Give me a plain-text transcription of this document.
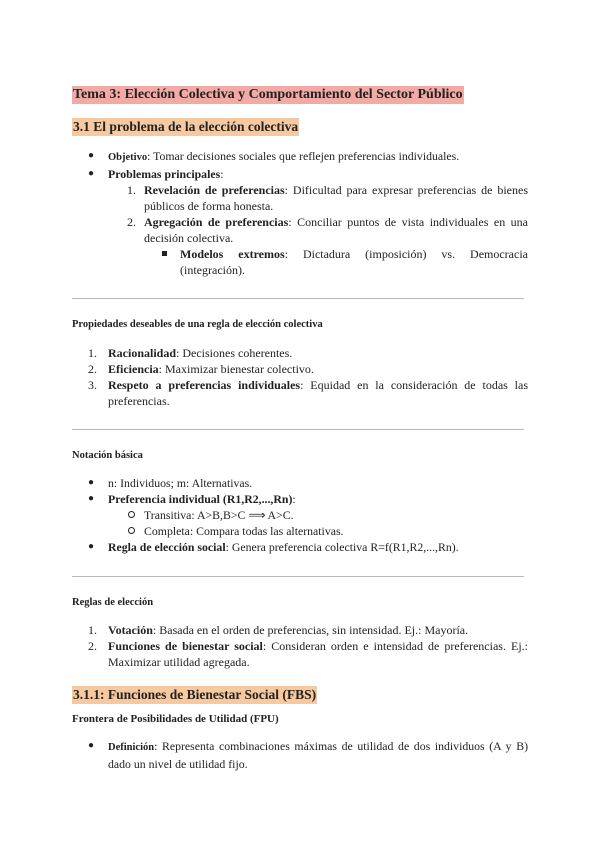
Tema 3: Elección Colectiva y Comportamiento del Sector Público
3.1 El problema de la elección colectiva
● Objetivo: Tomar decisiones sociales que reflejen preferencias individuales.
● Problemas principales:
1. Revelación de preferencias: Dificultad para expresar preferencias de bienes públicos de forma honesta.
2. Agregación de preferencias: Conciliar puntos de vista individuales en una decisión colectiva.
Modelos extremos: Dictadura (imposición) vs. Democracia (integración).
Propiedades deseables de una regla de elección colectiva
1. Racionalidad: Decisiones coherentes.
2. Eficiencia: Maximizar bienestar colectivo.
3. Respeto a preferencias individuales: Equidad en la consideración de todas las preferencias.
Notación básica
● n: Individuos; m: Alternativas.
● Preferencia individual (R1,R2,...,Rn):
Transitiva: A>B,B>C ⟹ A>C.
Completa: Compara todas las alternativas.
● Regla de elección social: Genera preferencia colectiva R=f(R1,R2,...,Rn).
Reglas de elección
1. Votación: Basada en el orden de preferencias, sin intensidad. Ej.: Mayoría.
2. Funciones de bienestar social: Consideran orden e intensidad de preferencias. Ej.: Maximizar utilidad agregada.
3.1.1: Funciones de Bienestar Social (FBS)
Frontera de Posibilidades de Utilidad (FPU)
● Definición: Representa combinaciones máximas de utilidad de dos individuos (A y B) dado un nivel de utilidad fijo.
